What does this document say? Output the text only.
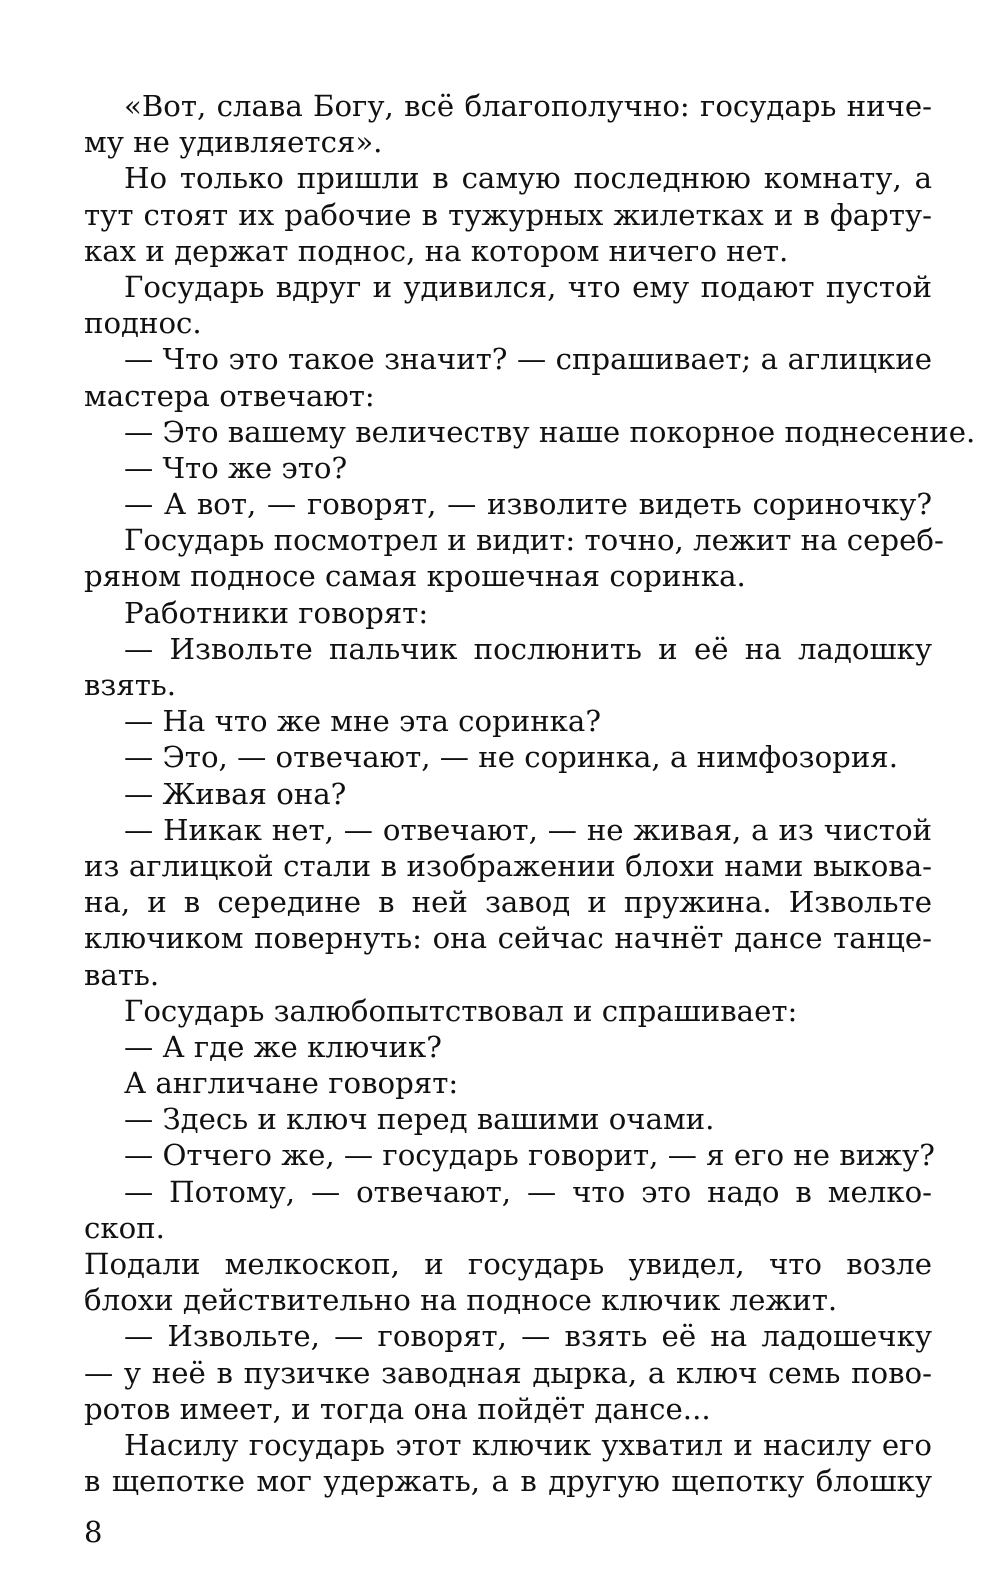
«Вот, слава Богу, всё благополучно: государь ниче-
му не удивляется».
Но только пришли в самую последнюю комнату, а
тут стоят их рабочие в тужурных жилетках и в фарту-
ках и держат поднос, на котором ничего нет.
Государь вдруг и удивился, что ему подают пустой
поднос.
— Что это такое значит? — спрашивает; а аглицкие
мастера отвечают:
— Это вашему величеству наше покорное поднесение.
— Что же это?
— А вот, — говорят, — изволите видеть сориночку?
Государь посмотрел и видит: точно, лежит на сереб-
ряном подносе самая крошечная соринка.
Работники говорят:
— Извольте пальчик послюнить и её на ладошку
взять.
— На что же мне эта соринка?
— Это, — отвечают, — не соринка, а нимфозория.
— Живая она?
— Никак нет, — отвечают, — не живая, а из чистой
из аглицкой стали в изображении блохи нами выкова-
на, и в середине в ней завод и пружина. Извольте
ключиком повернуть: она сейчас начнёт дансе танце-
вать.
Государь залюбопытствовал и спрашивает:
— А где же ключик?
А англичане говорят:
— Здесь и ключ перед вашими очами.
— Отчего же, — государь говорит, — я его не вижу?
— Потому, — отвечают, — что это надо в мелко-
скоп.
Подали мелкоскоп, и государь увидел, что возле
блохи действительно на подносе ключик лежит.
— Извольте, — говорят, — взять её на ладошечку
— у неё в пузичке заводная дырка, а ключ семь пово-
ротов имеет, и тогда она пойдёт дансе...
Насилу государь этот ключик ухватил и насилу его
в щепотке мог удержать, а в другую щепотку блошку
8
